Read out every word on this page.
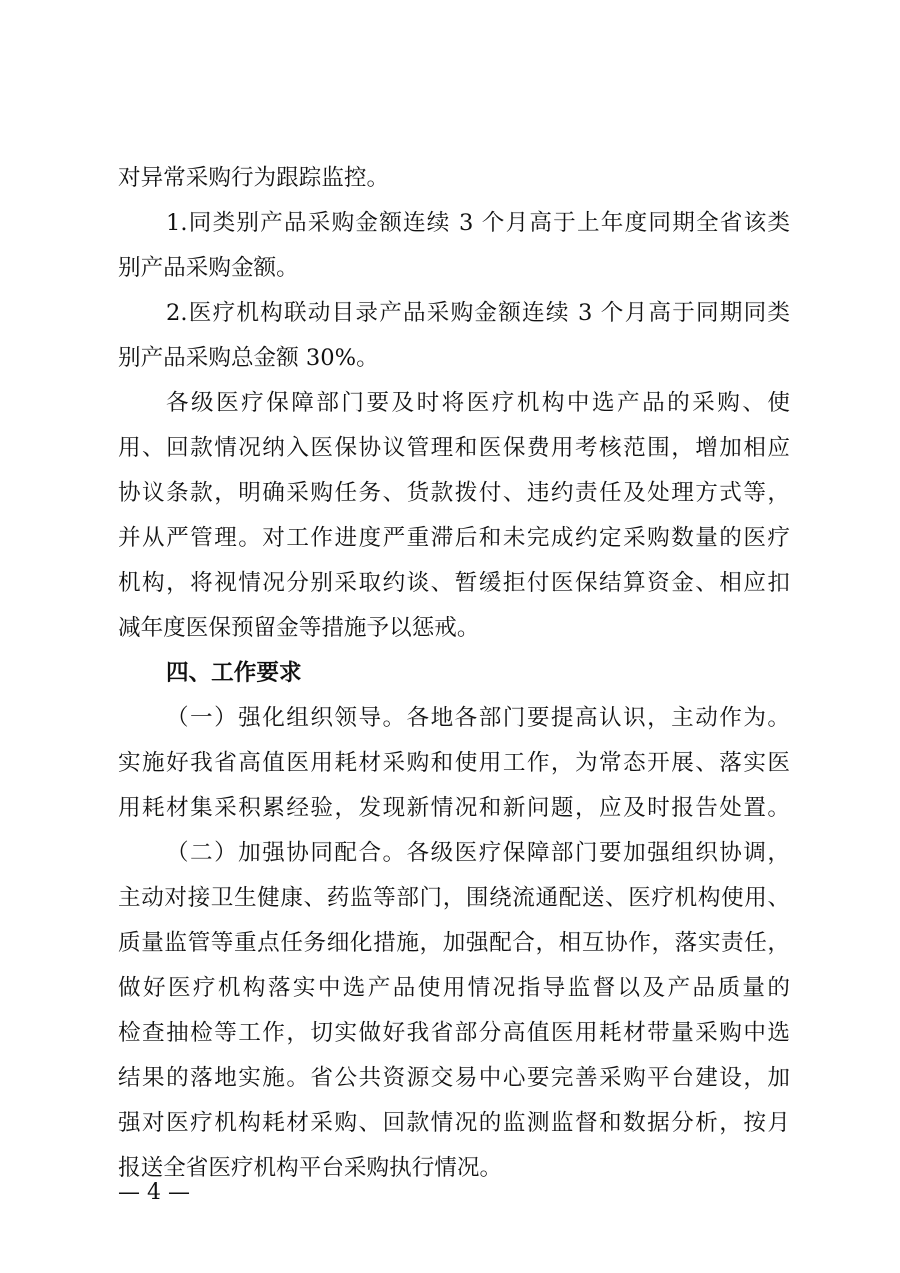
对异常采购行为跟踪监控。
1.同类别产品采购金额连续 3 个月高于上年度同期全省该类
别产品采购金额。
2.医疗机构联动目录产品采购金额连续 3 个月高于同期同类
别产品采购总金额 30%。
各级医疗保障部门要及时将医疗机构中选产品的采购、使
用、回款情况纳入医保协议管理和医保费用考核范围，增加相应
协议条款，明确采购任务、货款拨付、违约责任及处理方式等，
并从严管理。对工作进度严重滞后和未完成约定采购数量的医疗
机构，将视情况分别采取约谈、暂缓拒付医保结算资金、相应扣
减年度医保预留金等措施予以惩戒。
四、工作要求
（一）强化组织领导。各地各部门要提高认识，主动作为。
实施好我省高值医用耗材采购和使用工作，为常态开展、落实医
用耗材集采积累经验，发现新情况和新问题，应及时报告处置。
（二）加强协同配合。各级医疗保障部门要加强组织协调，
主动对接卫生健康、药监等部门，围绕流通配送、医疗机构使用、
质量监管等重点任务细化措施，加强配合，相互协作，落实责任，
做好医疗机构落实中选产品使用情况指导监督以及产品质量的
检查抽检等工作，切实做好我省部分高值医用耗材带量采购中选
结果的落地实施。省公共资源交易中心要完善采购平台建设，加
强对医疗机构耗材采购、回款情况的监测监督和数据分析，按月
报送全省医疗机构平台采购执行情况。
— 4 —
